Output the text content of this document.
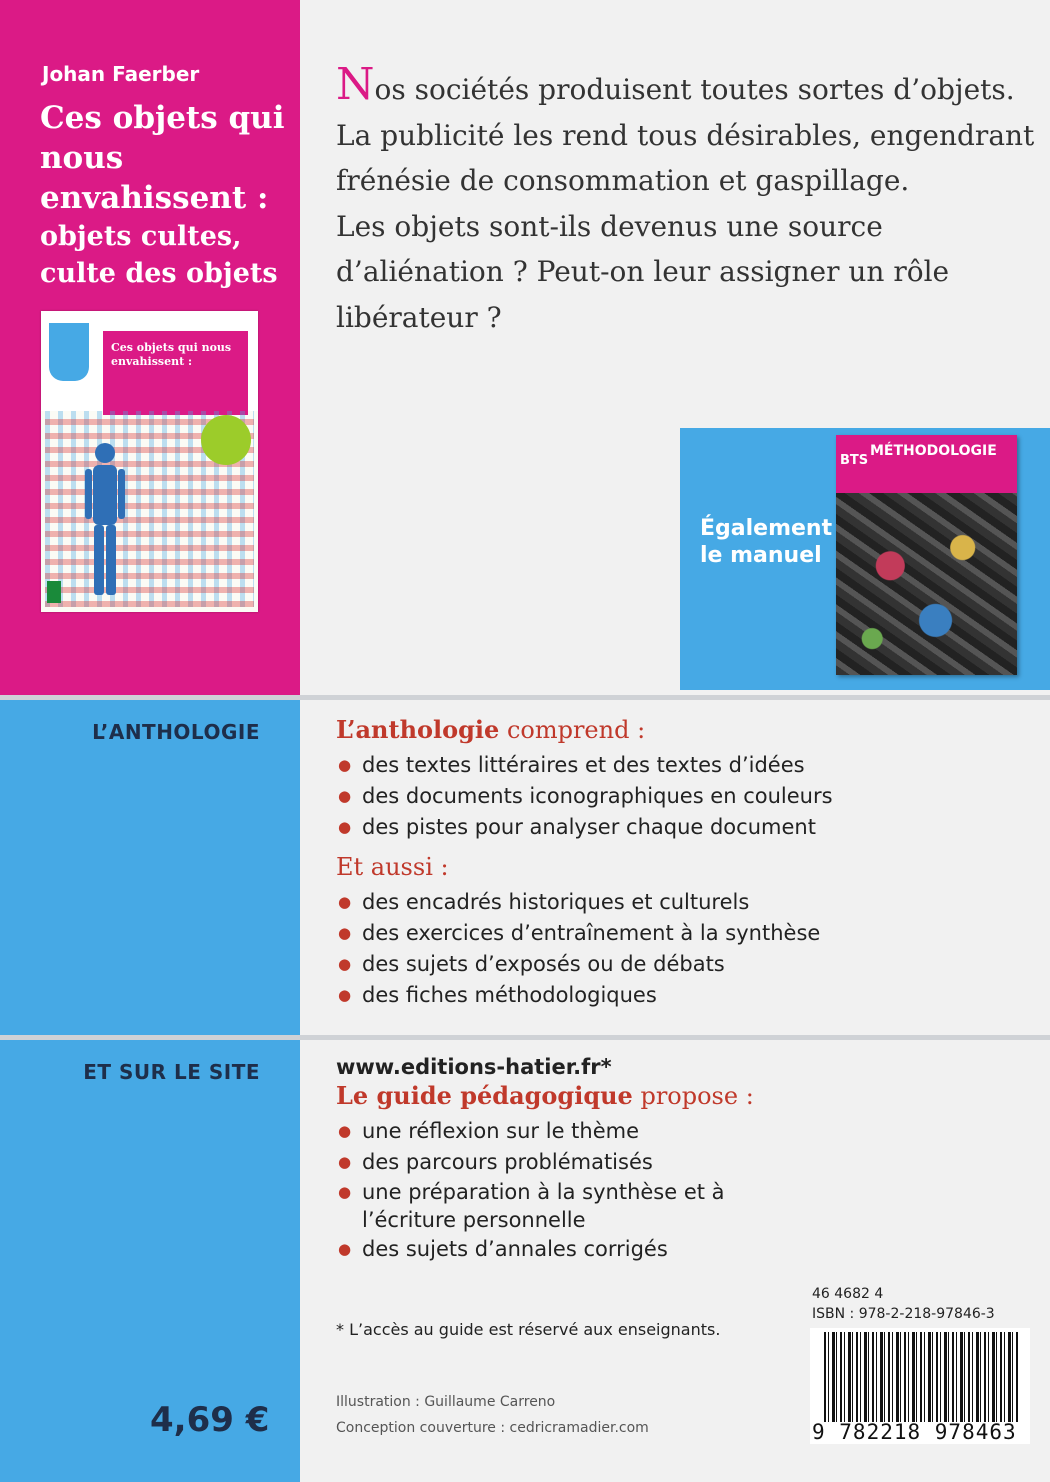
Johan Faerber
Ces objets qui nous envahissent :
objets cultes, culte des objets
Ces objets qui nous envahissent :
Nos sociétés produisent toutes sortes d’objets. La publicité les rend tous désirables, engendrant frénésie de consommation et gaspillage.
Les objets sont-ils devenus une source d’aliénation ? Peut-on leur assigner un rôle libérateur ?
Également
le manuel
BTS
MÉTHODOLOGIE
L’ANTHOLOGIE	L’anthologie comprend :
● des textes littéraires et des textes d’idées
● des documents iconographiques en couleurs
● des pistes pour analyser chaque document
Et aussi :
● des encadrés historiques et culturels
● des exercices d’entraînement à la synthèse
● des sujets d’exposés ou de débats
● des fiches méthodologiques
ET SUR LE SITE	www.editions-hatier.fr*
Le guide pédagogique propose :
● une réflexion sur le thème
● des parcours problématisés
● une préparation à la synthèse et à l’écriture personnelle
● des sujets d’annales corrigés
* L’accès au guide est réservé aux enseignants.
Illustration : Guillaume Carreno
Conception couverture : cedricramadier.com
4,69 €
46 4682 4
ISBN : 978-2-218-97846-3
9 782218 978463
